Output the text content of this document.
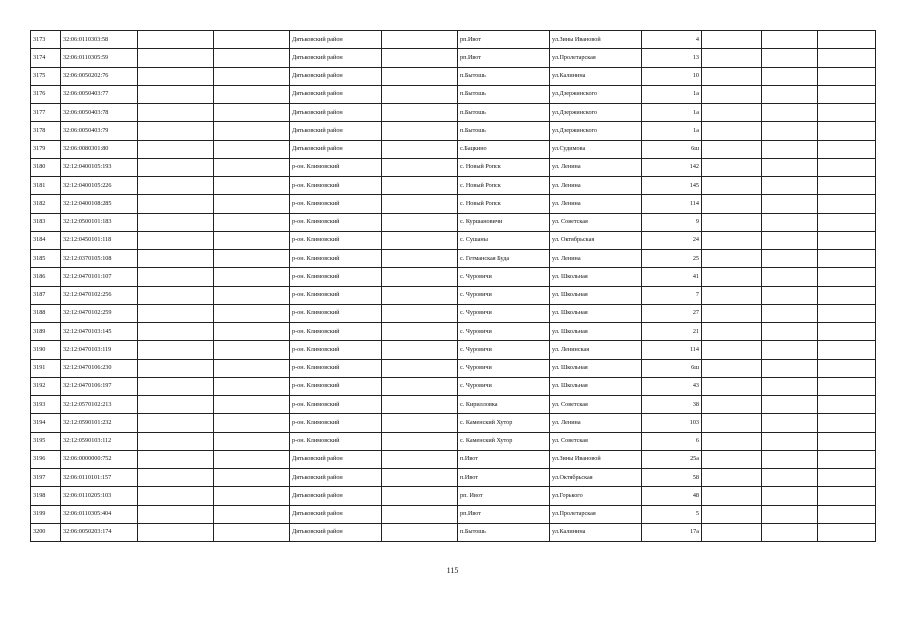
3173	32:06:0110303:58			Дятьковский район		рп.Ивот	ул.Зины Ивановой	4			
3174	32:06:0110305:59			Дятьковский район		рп.Ивот	ул.Пролетарская	13			
3175	32:06:0050202:76			Дятьковский район		п.Бытошь	ул.Калинина	10			
3176	32:06:0050403:77			Дятьковский район		п.Бытошь	ул.Дзержинского	1а			
3177	32:06:0050403:78			Дятьковский район		п.Бытошь	ул.Дзержинского	1а			
3178	32:06:0050403:79			Дятьковский район		п.Бытошь	ул.Дзержинского	1а			
3179	32:06:0080301:80			Дятьковский район		с.Бацкино	ул.Судимова	6ш			
3180	32:12:0400105:193			р-он. Климовский		с. Новый Ропск	ул. Ленина	142			
3181	32:12:0400105:226			р-он. Климовский		с. Новый Ропск	ул. Ленина	145			
3182	32:12:0400108:285			р-он. Климовский		с. Новый Ропск	ул. Ленина	114			
3183	32:12:0500101:183			р-он. Климовский		с. Куршановичи	ул. Советская	9			
3184	32:12:0450101:118			р-он. Климовский		с. Сушаны	ул. Октябрьская	24			
3185	32:12:0370105:108			р-он. Климовский		с. Гетманская Буда	ул. Ленина	25			
3186	32:12:0470101:107			р-он. Климовский		с. Чуровичи	ул. Школьная	41			
3187	32:12:0470102:256			р-он. Климовский		с. Чуровичи	ул. Школьная	7			
3188	32:12:0470102:259			р-он. Климовский		с. Чуровичи	ул. Школьная	27			
3189	32:12:0470103:145			р-он. Климовский		с. Чуровичи	ул. Школьная	21			
3190	32:12:0470103:119			р-он. Климовский		с. Чуровичи	ул. Ленинская	114			
3191	32:12:0470106:230			р-он. Климовский		с. Чуровичи	ул. Школьная	6ш			
3192	32:12:0470106:197			р-он. Климовский		с. Чуровичи	ул. Школьная	43			
3193	32:12:0570102:213			р-он. Климовский		с. Кирилловка	ул. Советская	38			
3194	32:12:0590101:232			р-он. Климовский		с. Каменский Хутор	ул. Ленина	103			
3195	32:12:0590103:112			р-он. Климовский		с. Каменский Хутор	ул. Советская	6			
3196	32:06:0000000:752			Дятьковский район		п.Ивот	ул.Зины Ивановой	25а			
3197	32:06:0110101:157			Дятьковский район		п.Ивот	ул.Октябрьская	58			
3198	32:06:0110205:103			Дятьковский район		рп. Ивот	ул.Горького	48			
3199	32:06:0110305:404			Дятьковский район		рп.Ивот	ул.Пролетарская	5			
3200	32:06:0050203:174			Дятьковский район		п.Бытошь	ул.Калинина	17а			
115
